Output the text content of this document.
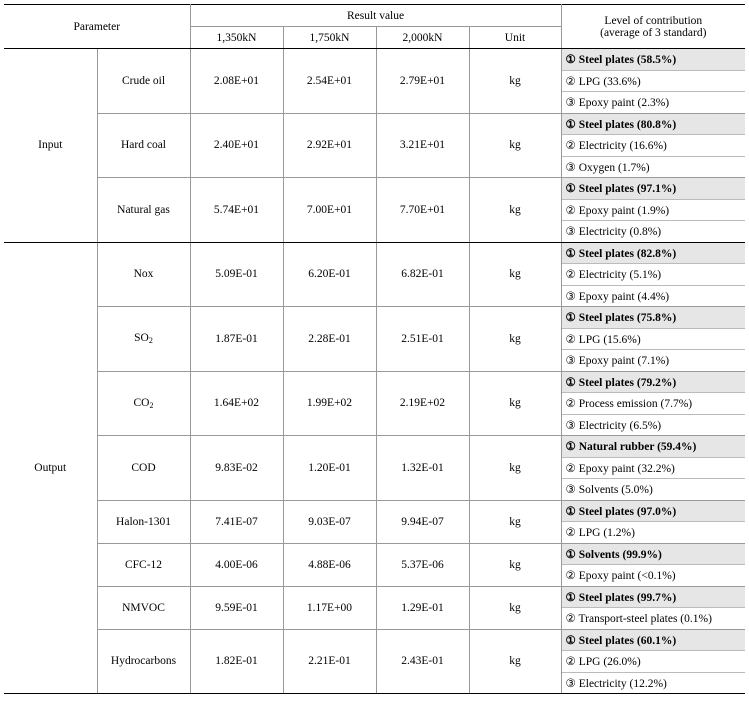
Parameter		Result value				Level of contribution
(average of 3 standard)

		1,350kN	1,750kN	2,000kN	Unit	
Input	Crude oil	2.08E+01	2.54E+01	2.79E+01	kg	① Steel plates (58.5%)
						② LPG (33.6%)
						③ Epoxy paint (2.3%)
	Hard coal	2.40E+01	2.92E+01	3.21E+01	kg	① Steel plates (80.8%)
						② Electricity (16.6%)
						③ Oxygen (1.7%)
	Natural gas	5.74E+01	7.00E+01	7.70E+01	kg	① Steel plates (97.1%)
						② Epoxy paint (1.9%)
						③ Electricity (0.8%)
Output	Nox	5.09E-01	6.20E-01	6.82E-01	kg	① Steel plates (82.8%)
						② Electricity (5.1%)
						③ Epoxy paint (4.4%)
	$SO_2$	1.87E-01	2.28E-01	2.51E-01	kg	① Steel plates (75.8%)
						② LPG (15.6%)
						③ Epoxy paint (7.1%)
	$CO_2$	1.64E+02	1.99E+02	2.19E+02	kg	① Steel plates (79.2%)
						② Process emission (7.7%)
						③ Electricity (6.5%)
	COD	9.83E-02	1.20E-01	1.32E-01	kg	① Natural rubber (59.4%)
						② Epoxy paint (32.2%)
						③ Solvents (5.0%)
	Halon-1301	7.41E-07	9.03E-07	9.94E-07	kg	① Steel plates (97.0%)
						② LPG (1.2%)
	CFC-12	4.00E-06	4.88E-06	5.37E-06	kg	① Solvents (99.9%)
						② Epoxy paint (<0.1%)
	NMVOC	9.59E-01	1.17E+00	1.29E-01	kg	① Steel plates (99.7%)
						② Transport-steel plates (0.1%)
	Hydrocarbons	1.82E-01	2.21E-01	2.43E-01	kg	① Steel plates (60.1%)
						② LPG (26.0%)
						③ Electricity (12.2%)
